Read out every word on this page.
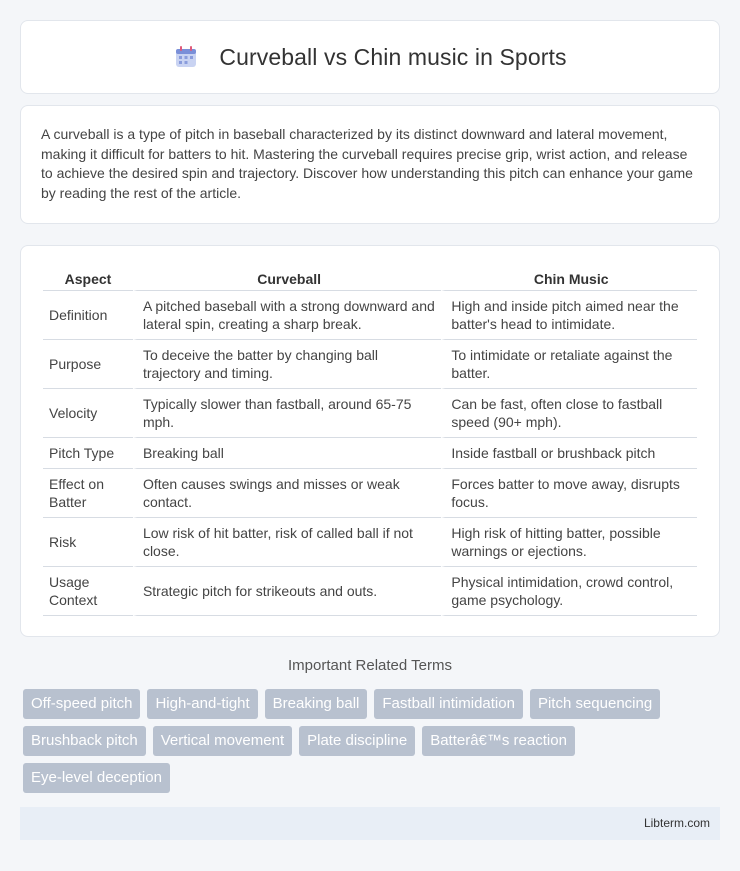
Curveball vs Chin music in Sports

A curveball is a type of pitch in baseball characterized by its distinct downward and lateral movement, making it difficult for batters to hit. Mastering the curveball requires precise grip, wrist action, and release to achieve the desired spin and trajectory. Discover how understanding this pitch can enhance your game by reading the rest of the article.

Aspect	Curveball	Chin Music
Definition	A pitched baseball with a strong downward and lateral spin, creating a sharp break.	High and inside pitch aimed near the batter's head to intimidate.
Purpose	To deceive the batter by changing ball trajectory and timing.	To intimidate or retaliate against the batter.
Velocity	Typically slower than fastball, around 65-75 mph.	Can be fast, often close to fastball speed (90+ mph).
Pitch Type	Breaking ball	Inside fastball or brushback pitch
Effect on Batter	Often causes swings and misses or weak contact.	Forces batter to move away, disrupts focus.
Risk	Low risk of hit batter, risk of called ball if not close.	High risk of hitting batter, possible warnings or ejections.
Usage Context	Strategic pitch for strikeouts and outs.	Physical intimidation, crowd control, game psychology.
Important Related Terms
Off-speed pitch	High-and-tight	Breaking ball	Fastball intimidation	Pitch sequencing
Brushback pitch	Vertical movement	Plate discipline	Batterâ€™s reaction
Eye-level deception
Libterm.com
